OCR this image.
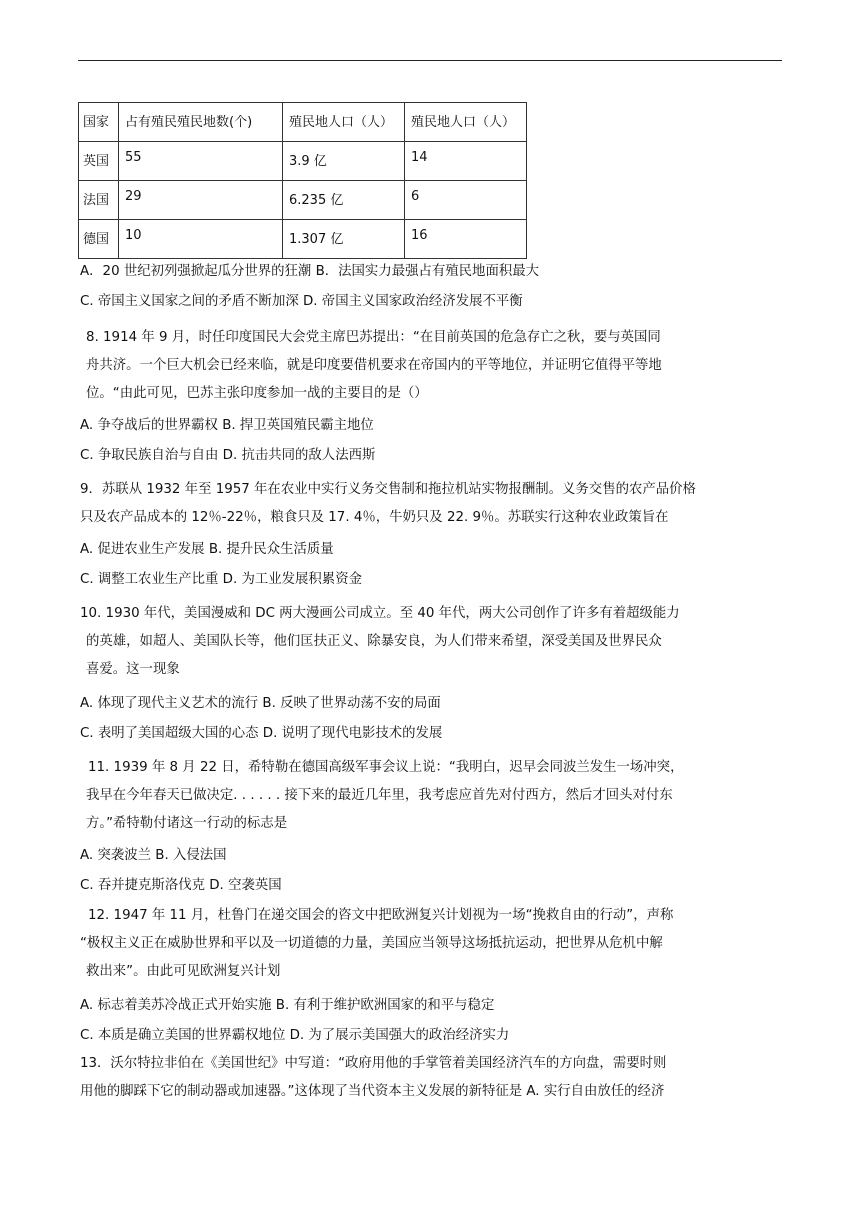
国家	占有殖民殖民地数(个)	殖民地人口（人）	殖民地人口（人）
英国	55	3.9 亿	14
法国	29	6.235 亿	6
德国	10	1.307 亿	16
A．20 世纪初列强掀起瓜分世界的狂潮 B．法国实力最强占有殖民地面积最大
C. 帝国主义国家之间的矛盾不断加深 D. 帝国主义国家政治经济发展不平衡
8. 1914 年 9 月，时任印度国民大会党主席巴苏提出：“在目前英国的危急存亡之秋，要与英国同
舟共济。一个巨大机会已经来临，就是印度要借机要求在帝国内的平等地位，并证明它值得平等地
位。“由此可见，巴苏主张印度参加一战的主要目的是（）
A. 争夺战后的世界霸权 B. 捍卫英国殖民霸主地位
C. 争取民族自治与自由 D. 抗击共同的敌人法西斯
9．苏联从 1932 年至 1957 年在农业中实行义务交售制和拖拉机站实物报酬制。义务交售的农产品价格
只及农产品成本的 12％-22％，粮食只及 17. 4％，牛奶只及 22. 9％。苏联实行这种农业政策旨在
A. 促进农业生产发展 B. 提升民众生活质量
C. 调整工农业生产比重 D. 为工业发展积累资金
10. 1930 年代，美国漫威和 DC 两大漫画公司成立。至 40 年代，两大公司创作了许多有着超级能力
的英雄，如超人、美国队长等，他们匡扶正义、除暴安良，为人们带来希望，深受美国及世界民众
喜爱。这一现象
A. 体现了现代主义艺术的流行 B. 反映了世界动荡不安的局面
C. 表明了美国超级大国的心态 D. 说明了现代电影技术的发展
11. 1939 年 8 月 22 日，希特勒在德国高级军事会议上说：“我明白，迟早会同波兰发生一场冲突，
我早在今年春天已做决定. . . . . . 接下来的最近几年里，我考虑应首先对付西方，然后才回头对付东
方。”希特勒付诸这一行动的标志是
A. 突袭波兰 B. 入侵法国
C. 吞并捷克斯洛伐克 D. 空袭英国
12. 1947 年 11 月，杜鲁门在递交国会的咨文中把欧洲复兴计划视为一场“挽救自由的行动”，声称
“极权主义正在威胁世界和平以及一切道德的力量，美国应当领导这场抵抗运动，把世界从危机中解
救出来”。由此可见欧洲复兴计划
A. 标志着美苏冷战正式开始实施 B. 有利于维护欧洲国家的和平与稳定
C. 本质是确立美国的世界霸权地位 D. 为了展示美国强大的政治经济实力
13．沃尔特拉非伯在《美国世纪》中写道：“政府用他的手掌管着美国经济汽车的方向盘，需要时则
用他的脚踩下它的制动器或加速器。”这体现了当代资本主义发展的新特征是 A. 实行自由放任的经济
